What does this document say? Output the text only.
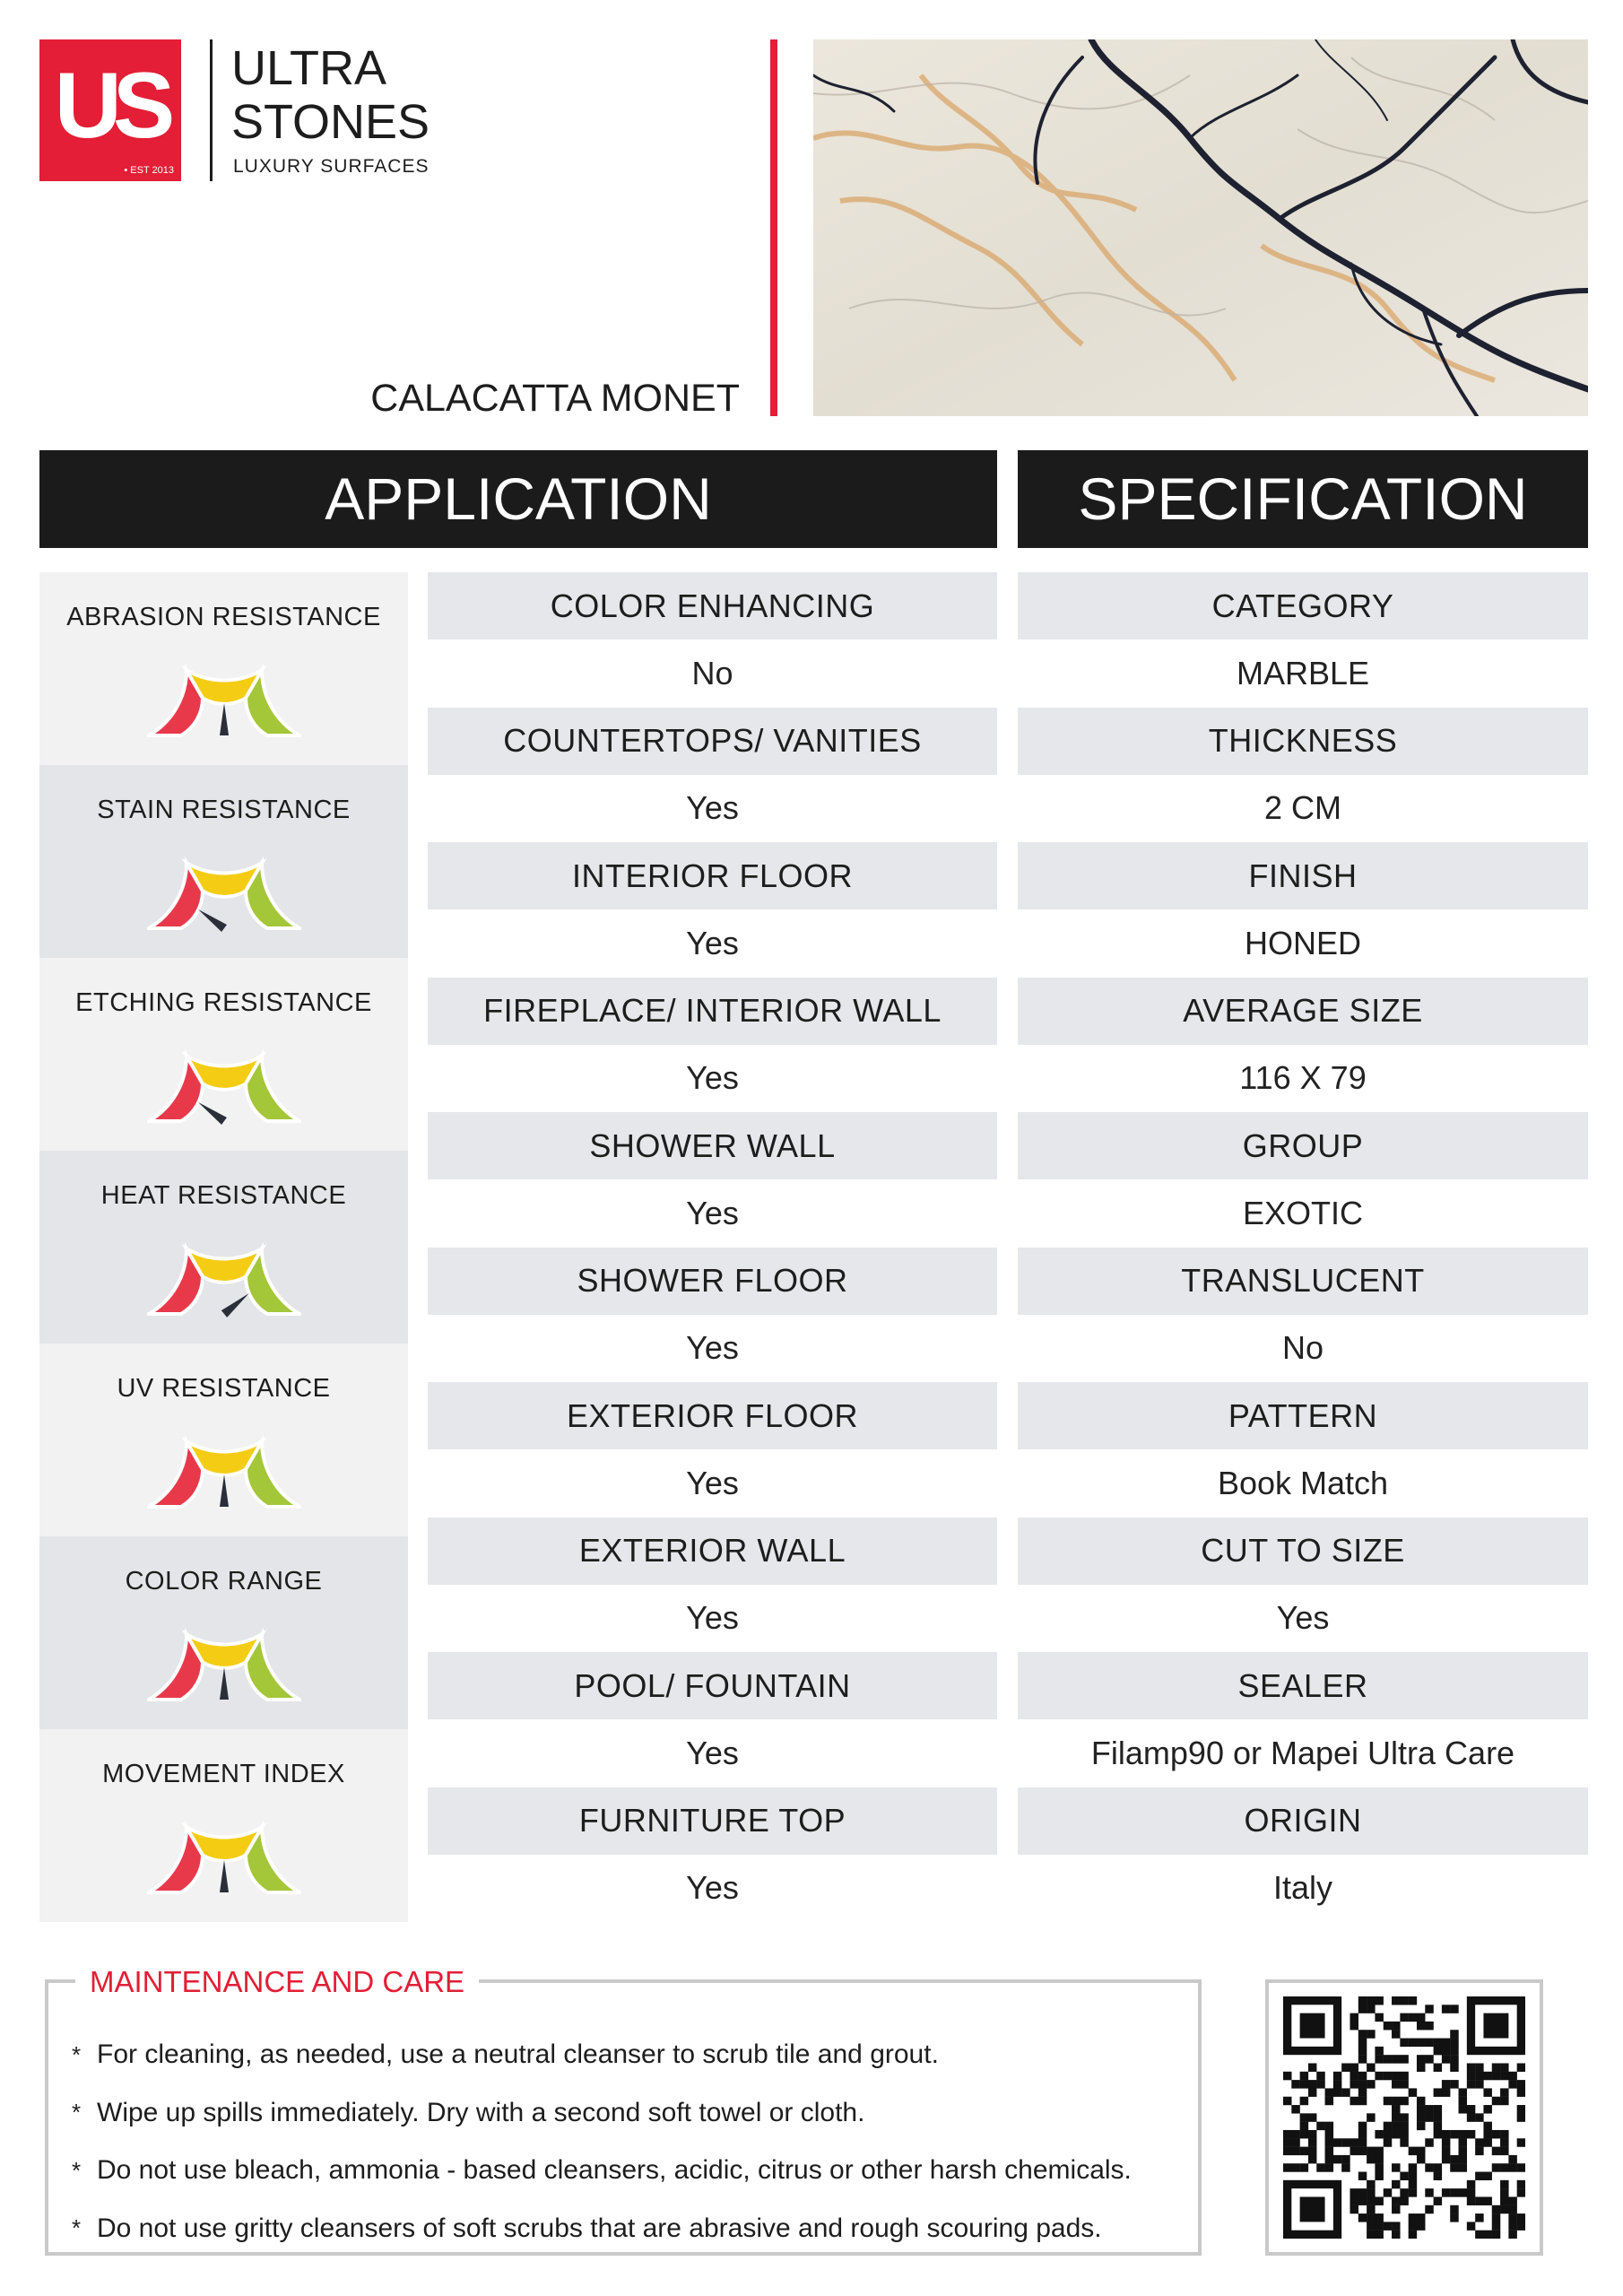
US
• EST 2013
ULTRA
STONES
LUXURY SURFACES
CALACATTA MONET
APPLICATION	SPECIFICATION
ABRASION RESISTANCE
STAIN RESISTANCE
ETCHING RESISTANCE
HEAT RESISTANCE
UV RESISTANCE
COLOR RANGE
MOVEMENT INDEX
COLOR ENHANCING
No
COUNTERTOPS/ VANITIES
Yes
INTERIOR FLOOR
Yes
FIREPLACE/ INTERIOR WALL
Yes
SHOWER WALL
Yes
SHOWER FLOOR
Yes
EXTERIOR FLOOR
Yes
EXTERIOR WALL
Yes
POOL/ FOUNTAIN
Yes
FURNITURE TOP
Yes
CATEGORY
MARBLE
THICKNESS
2 CM
FINISH
HONED
AVERAGE SIZE
116 X 79
GROUP
EXOTIC
TRANSLUCENT
No
PATTERN
Book Match
CUT TO SIZE
Yes
SEALER
Filamp90 or Mapei Ultra Care
ORIGIN
Italy
MAINTENANCE AND CARE
* For cleaning, as needed, use a neutral cleanser to scrub tile and grout.
* Wipe up spills immediately. Dry with a second soft towel or cloth.
* Do not use bleach, ammonia - based cleansers, acidic, citrus or other harsh chemicals.
* Do not use gritty cleansers of soft scrubs that are abrasive and rough scouring pads.
